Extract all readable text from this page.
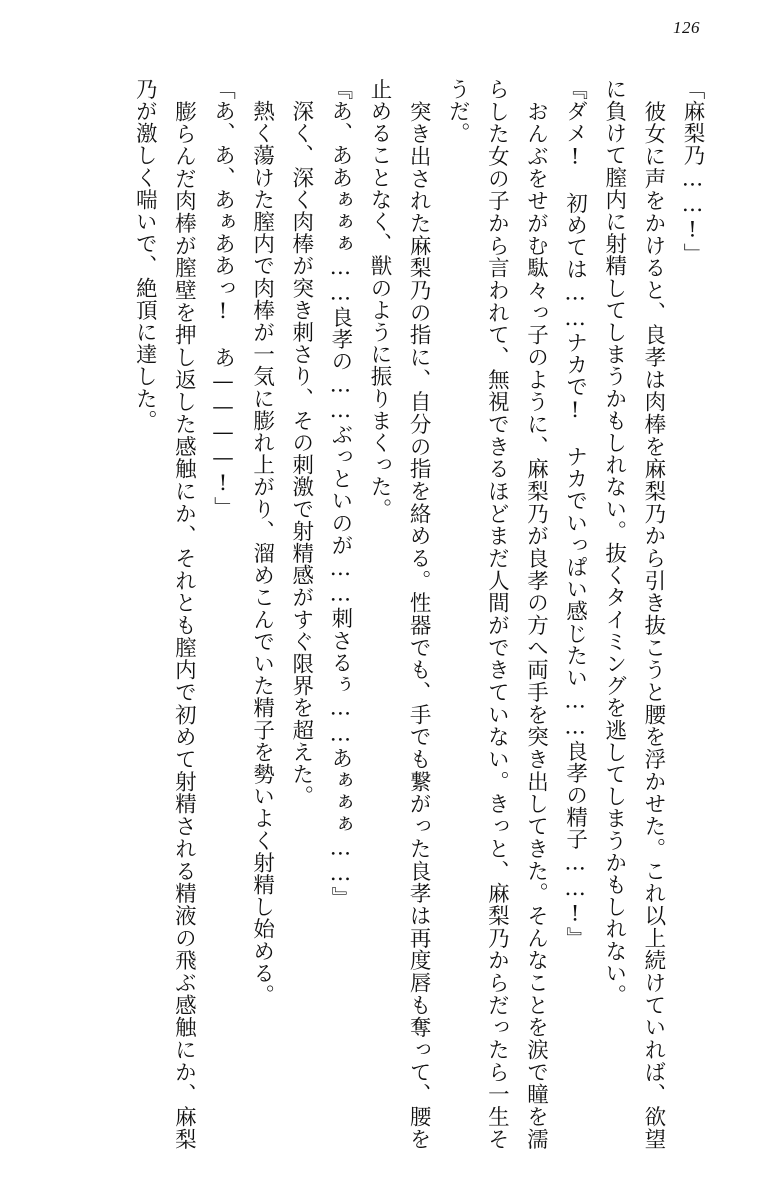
126

「麻梨乃……!」

　彼女に声をかけると、良孝は肉棒を麻梨乃から引き抜こうと腰を浮かせた。これ以上続けていれば、欲望に負けて膣内に射精してしまうかもしれない。抜くタイミングを逃してしまうかもしれない。

『ダメ!　初めては……ナカで!　ナカでいっぱい感じたい……良孝の精子……!』

　おんぶをせがむ駄々っ子のように、麻梨乃が良孝の方へ両手を突き出してきた。そんなことを涙で瞳を濡らした女の子から言われて、無視できるほどまだ人間ができていない。きっと、麻梨乃からだったら一生そうだ。

　突き出された麻梨乃の指に、自分の指を絡める。性器でも、手でも繋がった良孝は再度唇も奪って、腰を止めることなく、獣のように振りまくった。

『あ、ああぁぁぁ……良孝の……ぶっといのが……刺さるぅ……あぁぁぁ……』

　深く、深く肉棒が突き刺さり、その刺激で射精感がすぐ限界を超えた。

　熱く蕩けた膣内で肉棒が一気に膨れ上がり、溜めこんでいた精子を勢いよく射精し始める。

「あ、あ、あぁああっ!　あ————!」

　膨らんだ肉棒が膣壁を押し返した感触にか、それとも膣内で初めて射精される精液の飛ぶ感触にか、麻梨乃が激しく喘いで、絶頂に達した。
